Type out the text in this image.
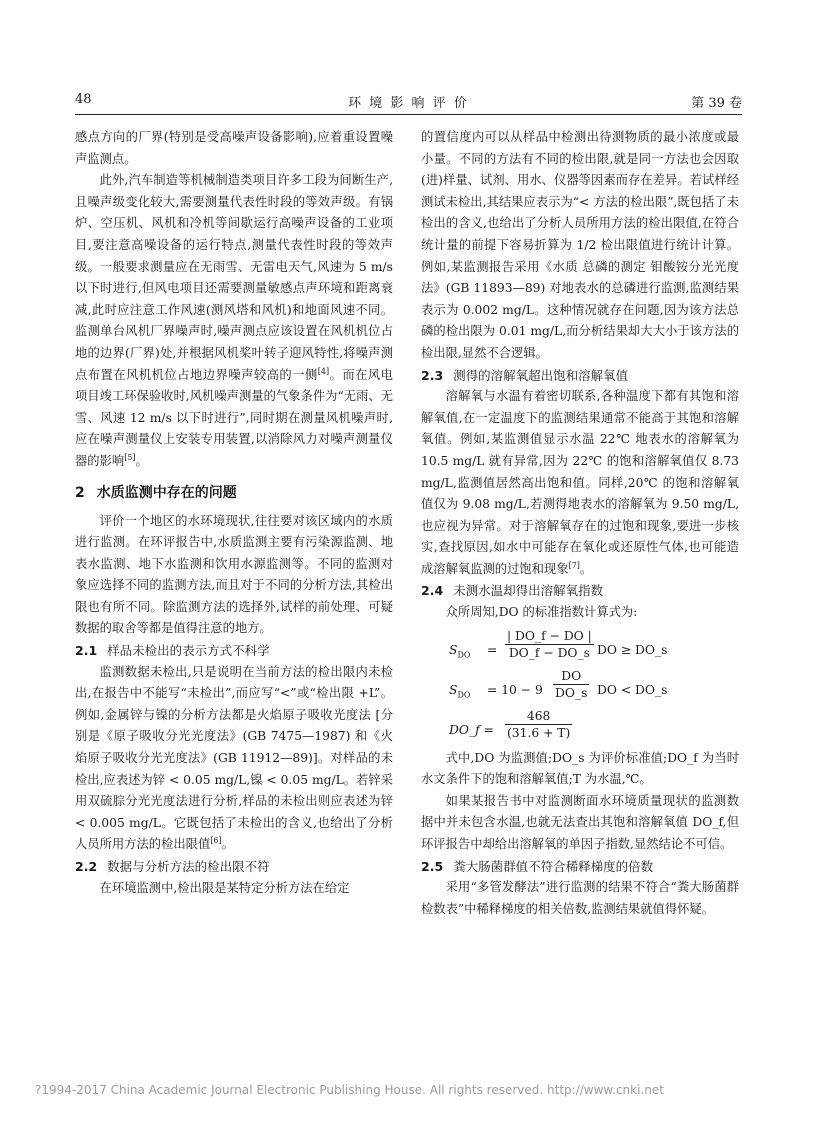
48	环 境 影 响 评 价	第 39 卷

感点方向的厂界(特别是受高噪声设备影响),应着重设置噪声监测点。

此外,汽车制造等机械制造类项目许多工段为间断生产,且噪声级变化较大,需要测量代表性时段的等效声级。有锅炉、空压机、风机和冷机等间歇运行高噪声设备的工业项目,要注意高噪设备的运行特点,测量代表性时段的等效声级。一般要求测量应在无雨雪、无雷电天气,风速为 5 m/s 以下时进行,但风电项目还需要测量敏感点声环境和距离衰减,此时应注意工作风速(测风塔和风机)和地面风速不同。监测单台风机厂界噪声时,噪声测点应该设置在风机机位占地的边界(厂界)处,并根据风机桨叶转子迎风特性,将噪声测点布置在风机机位占地边界噪声较高的一侧[4]。而在风电项目竣工环保验收时,风机噪声测量的气象条件为“无雨、无雪、风速 12 m/s 以下时进行”,同时期在测量风机噪声时,应在噪声测量仪上安装专用装置,以消除风力对噪声测量仪器的影响[5]。

2 水质监测中存在的问题

评价一个地区的水环境现状,往往要对该区域内的水质进行监测。在环评报告中,水质监测主要有污染源监测、地表水监测、地下水监测和饮用水源监测等。不同的监测对象应选择不同的监测方法,而且对于不同的分析方法,其检出限也有所不同。除监测方法的选择外,试样的前处理、可疑数据的取舍等都是值得注意的地方。

2.1 样品未检出的表示方式不科学

监测数据未检出,只是说明在当前方法的检出限内未检出,在报告中不能写“未检出”,而应写“<”或“检出限 +L”。例如,金属锌与镍的分析方法都是火焰原子吸收光度法 [分别是《原子吸收分光光度法》(GB 7475—1987) 和《火焰原子吸收分光光度法》(GB 11912—89)]。对样品的未检出,应表述为锌 < 0.05 mg/L,镍 < 0.05 mg/L。若锌采用双硫腙分光光度法进行分析,样品的未检出则应表述为锌 < 0.005 mg/L。它既包括了未检出的含义,也给出了分析人员所用方法的检出限值[6]。

2.2 数据与分析方法的检出限不符

在环境监测中,检出限是某特定分析方法在给定

的置信度内可以从样品中检测出待测物质的最小浓度或最小量。不同的方法有不同的检出限,就是同一方法也会因取(进)样量、试剂、用水、仪器等因素而存在差异。若试样经测试未检出,其结果应表示为“< 方法的检出限”,既包括了未检出的含义,也给出了分析人员所用方法的检出限值,在符合统计量的前提下容易折算为 1/2 检出限值进行统计计算。例如,某监测报告采用《水质 总磷的测定 钼酸铵分光光度法》(GB 11893—89) 对地表水的总磷进行监测,监测结果表示为 0.002 mg/L。这种情况就存在问题,因为该方法总磷的检出限为 0.01 mg/L,而分析结果却大大小于该方法的检出限,显然不合逻辑。

2.3 测得的溶解氧超出饱和溶解氧值

溶解氧与水温有着密切联系,各种温度下都有其饱和溶解氧值,在一定温度下的监测结果通常不能高于其饱和溶解氧值。例如,某监测值显示水温 22℃ 地表水的溶解氧为 10.5 mg/L 就有异常,因为 22℃ 的饱和溶解氧值仅 8.73 mg/L,监测值居然高出饱和值。同样,20℃ 的饱和溶解氧值仅为 9.08 mg/L,若测得地表水的溶解氧为 9.50 mg/L,也应视为异常。对于溶解氧存在的过饱和现象,要进一步核实,查找原因,如水中可能存在氧化或还原性气体,也可能造成溶解氧监测的过饱和现象[7]。

2.4 未测水温却得出溶解氧指数

众所周知,DO 的标准指数计算式为:

$S_{DO} = \frac{| DO\_f - DO |}{DO\_f - DO\_s}$ DO ≥ DO_s
$S_{DO} = 10 - 9 \frac{DO}{DO\_s}$ DO < DO_s
DO_f = $\frac{468}{(31.6 + T)}$

式中,DO 为监测值;DO_s 为评价标准值;DO_f 为当时水文条件下的饱和溶解氧值;T 为水温,℃。

如果某报告书中对监测断面水环境质量现状的监测数据中并未包含水温,也就无法查出其饱和溶解氧值 DO_f,但环评报告中却给出溶解氧的单因子指数,显然结论不可信。

2.5 粪大肠菌群值不符合稀释梯度的倍数

采用“多管发酵法”进行监测的结果不符合“粪大肠菌群检数表”中稀释梯度的相关倍数,监测结果就值得怀疑。

?1994-2017 China Academic Journal Electronic Publishing House. All rights reserved. http://www.cnki.net
